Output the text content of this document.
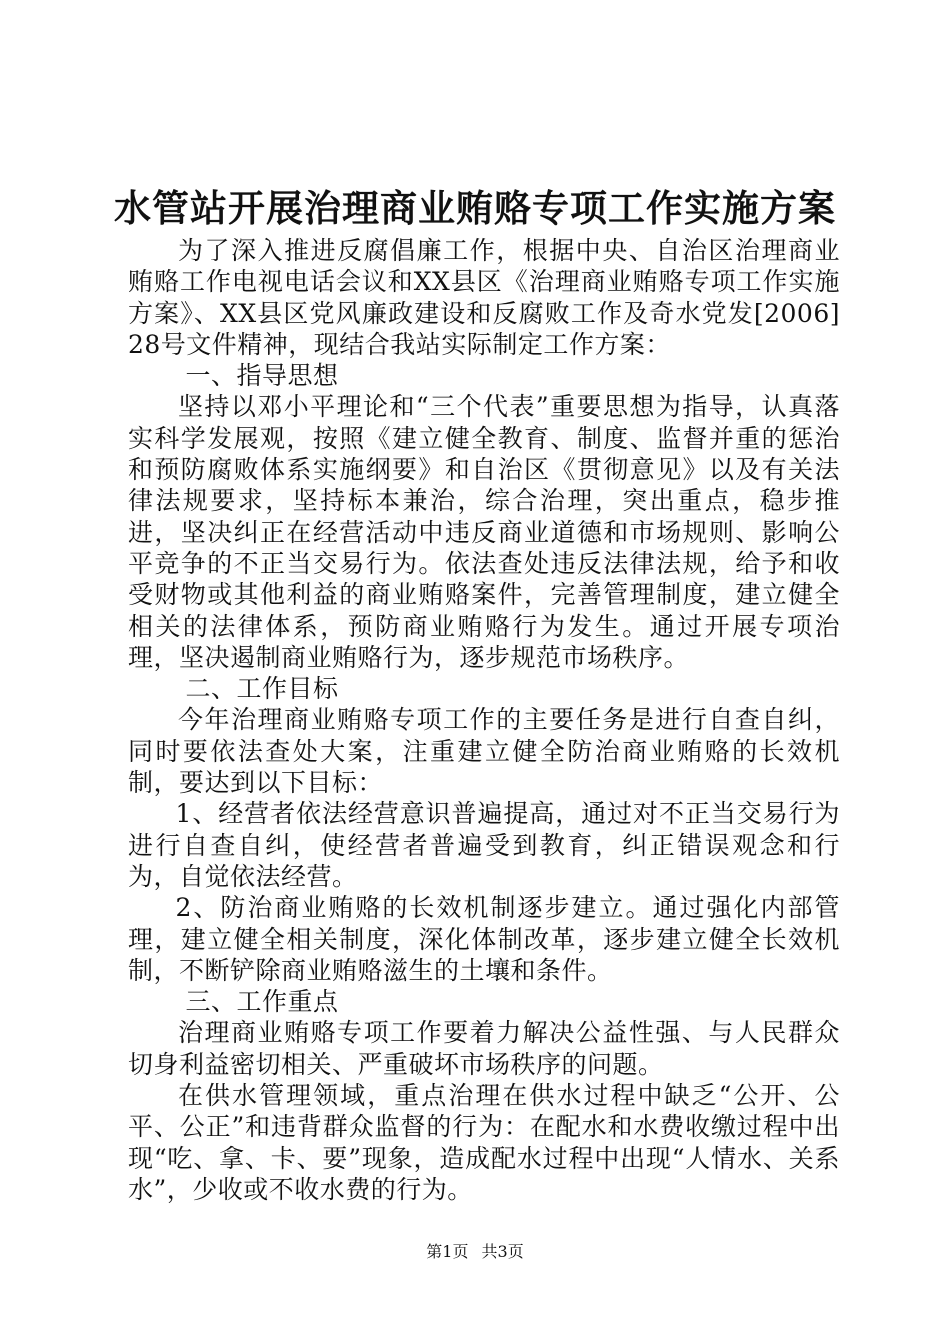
水管站开展治理商业贿赂专项工作实施方案

为了深入推进反腐倡廉工作，根据中央、自治区治理商业贿赂工作电视电话会议和XX县区《治理商业贿赂专项工作实施方案》、XX县区党风廉政建设和反腐败工作及奇水党发[2006]28号文件精神，现结合我站实际制定工作方案：

一、指导思想

坚持以邓小平理论和“三个代表”重要思想为指导，认真落实科学发展观，按照《建立健全教育、制度、监督并重的惩治和预防腐败体系实施纲要》和自治区《贯彻意见》以及有关法律法规要求，坚持标本兼治，综合治理，突出重点，稳步推进，坚决纠正在经营活动中违反商业道德和市场规则、影响公平竞争的不正当交易行为。依法查处违反法律法规，给予和收受财物或其他利益的商业贿赂案件，完善管理制度，建立健全相关的法律体系，预防商业贿赂行为发生。通过开展专项治理，坚决遏制商业贿赂行为，逐步规范市场秩序。

二、工作目标

今年治理商业贿赂专项工作的主要任务是进行自查自纠，同时要依法查处大案，注重建立健全防治商业贿赂的长效机制，要达到以下目标：

1、经营者依法经营意识普遍提高，通过对不正当交易行为进行自查自纠，使经营者普遍受到教育，纠正错误观念和行为，自觉依法经营。

2、防治商业贿赂的长效机制逐步建立。通过强化内部管理，建立健全相关制度，深化体制改革，逐步建立健全长效机制，不断铲除商业贿赂滋生的土壤和条件。

三、工作重点

治理商业贿赂专项工作要着力解决公益性强、与人民群众切身利益密切相关、严重破坏市场秩序的问题。

在供水管理领域，重点治理在供水过程中缺乏“公开、公平、公正”和违背群众监督的行为：在配水和水费收缴过程中出现“吃、拿、卡、要”现象，造成配水过程中出现“人情水、关系水”，少收或不收水费的行为。

第1页 共3页
